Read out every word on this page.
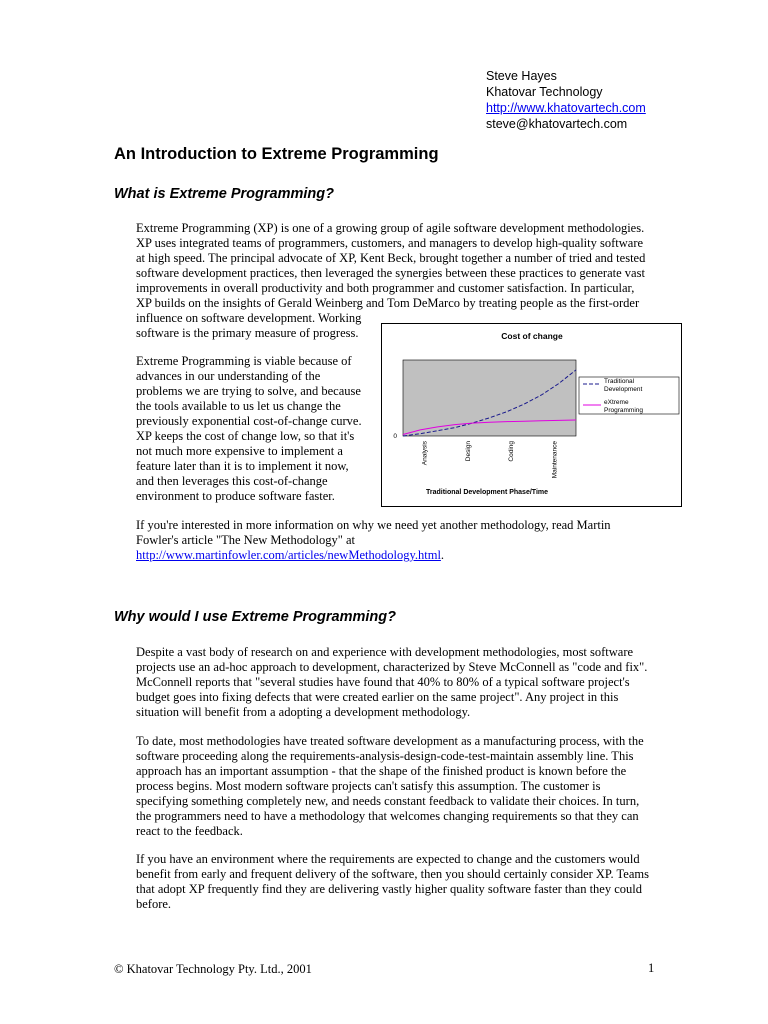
Steve Hayes
Khatovar Technology
http://www.khatovartech.com
steve@khatovartech.com
An Introduction to Extreme Programming
What is Extreme Programming?
Extreme Programming (XP) is one of a growing group of agile software development methodologies.
XP uses integrated teams of programmers, customers, and managers to develop high-quality software
at high speed. The principal advocate of XP, Kent Beck, brought together a number of tried and tested
software development practices, then leveraged the synergies between these practices to generate vast
improvements in overall productivity and both programmer and customer satisfaction. In particular,
XP builds on the insights of Gerald Weinberg and Tom DeMarco by treating people as the first-order
influence on software development. Working
software is the primary measure of progress.
Extreme Programming is viable because of
advances in our understanding of the
problems we are trying to solve, and because
the tools available to us let us change the
previously exponential cost-of-change curve.
XP keeps the cost of change low, so that it's
not much more expensive to implement a
feature later than it is to implement it now,
and then leverages this cost-of-change
environment to produce software faster.
Cost of change
0
Analysis	Design	Coding	Maintenance
Traditional
Development
eXtreme
Programming
Traditional Development Phase/Time
If you're interested in more information on why we need yet another methodology, read Martin
Fowler's article "The New Methodology" at
http://www.martinfowler.com/articles/newMethodology.html.
Why would I use Extreme Programming?
Despite a vast body of research on and experience with development methodologies, most software
projects use an ad-hoc approach to development, characterized by Steve McConnell as "code and fix".
McConnell reports that "several studies have found that 40% to 80% of a typical software project's
budget goes into fixing defects that were created earlier on the same project". Any project in this
situation will benefit from a adopting a development methodology.
To date, most methodologies have treated software development as a manufacturing process, with the
software proceeding along the requirements-analysis-design-code-test-maintain assembly line. This
approach has an important assumption - that the shape of the finished product is known before the
process begins. Most modern software projects can't satisfy this assumption. The customer is
specifying something completely new, and needs constant feedback to validate their choices. In turn,
the programmers need to have a methodology that welcomes changing requirements so that they can
react to the feedback.
If you have an environment where the requirements are expected to change and the customers would
benefit from early and frequent delivery of the software, then you should certainly consider XP. Teams
that adopt XP frequently find they are delivering vastly higher quality software faster than they could
before.

© Khatovar Technology Pty. Ltd., 2001	1
